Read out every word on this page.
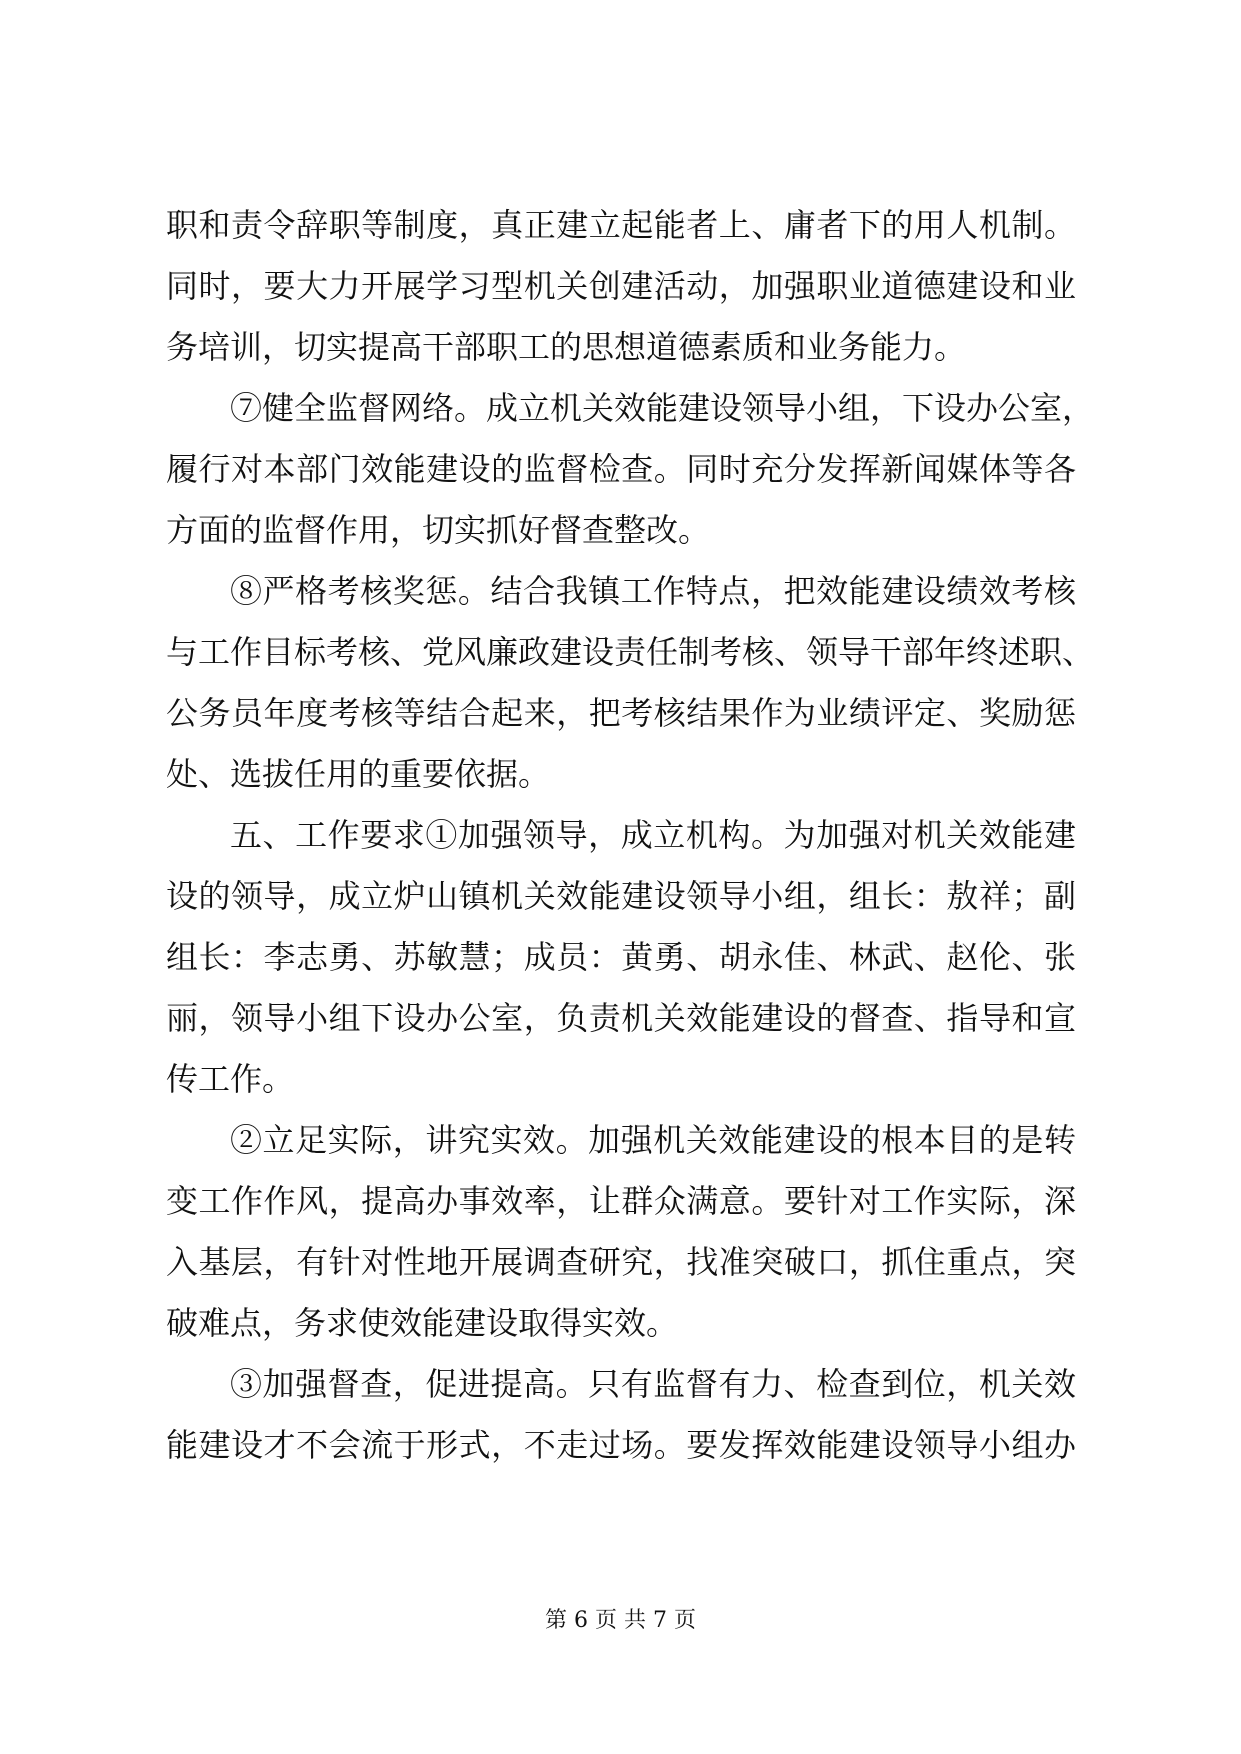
职和责令辞职等制度，真正建立起能者上、庸者下的用人机制。
同时，要大力开展学习型机关创建活动，加强职业道德建设和业
务培训，切实提高干部职工的思想道德素质和业务能力。
⑦健全监督网络。成立机关效能建设领导小组，下设办公室，
履行对本部门效能建设的监督检查。同时充分发挥新闻媒体等各
方面的监督作用，切实抓好督查整改。
⑧严格考核奖惩。结合我镇工作特点，把效能建设绩效考核
与工作目标考核、党风廉政建设责任制考核、领导干部年终述职、
公务员年度考核等结合起来，把考核结果作为业绩评定、奖励惩
处、选拔任用的重要依据。
五、工作要求①加强领导，成立机构。为加强对机关效能建
设的领导，成立炉山镇机关效能建设领导小组，组长：敖祥；副
组长：李志勇、苏敏慧；成员：黄勇、胡永佳、林武、赵伦、张
丽，领导小组下设办公室，负责机关效能建设的督查、指导和宣
传工作。
②立足实际，讲究实效。加强机关效能建设的根本目的是转
变工作作风，提高办事效率，让群众满意。要针对工作实际，深
入基层，有针对性地开展调查研究，找准突破口，抓住重点，突
破难点，务求使效能建设取得实效。
③加强督查，促进提高。只有监督有力、检查到位，机关效
能建设才不会流于形式，不走过场。要发挥效能建设领导小组办
第 6 页 共 7 页
